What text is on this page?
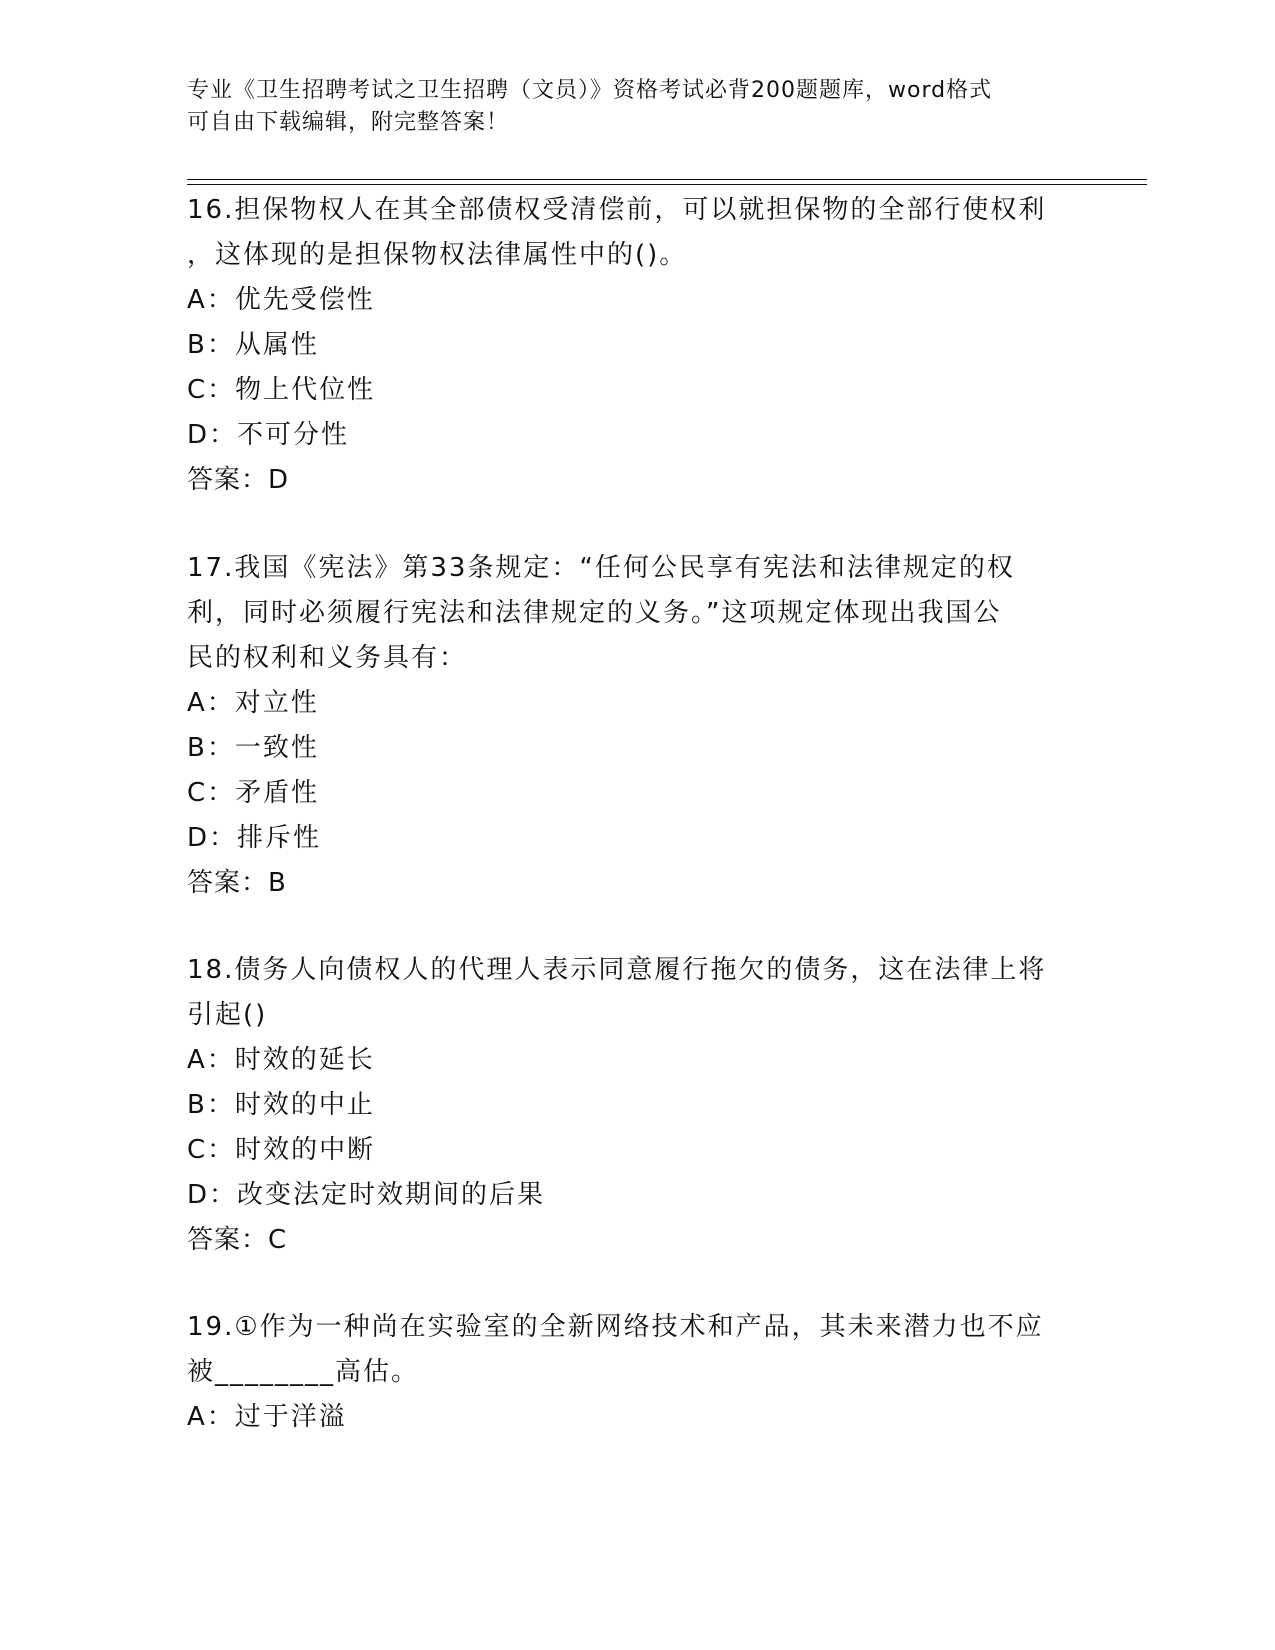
专业《卫生招聘考试之卫生招聘（文员）》资格考试必背200题题库，word格式
可自由下载编辑，附完整答案！
16.担保物权人在其全部债权受清偿前，可以就担保物的全部行使权利
，这体现的是担保物权法律属性中的()。
A：优先受偿性
B：从属性
C：物上代位性
D：不可分性
答案：D
17.我国《宪法》第33条规定：“任何公民享有宪法和法律规定的权
利，同时必须履行宪法和法律规定的义务。”这项规定体现出我国公
民的权利和义务具有：
A：对立性
B：一致性
C：矛盾性
D：排斥性
答案：B
18.债务人向债权人的代理人表示同意履行拖欠的债务，这在法律上将
引起()
A：时效的延长
B：时效的中止
C：时效的中断
D：改变法定时效期间的后果
答案：C
19.①作为一种尚在实验室的全新网络技术和产品，其未来潜力也不应
被________高估。
A：过于洋溢
